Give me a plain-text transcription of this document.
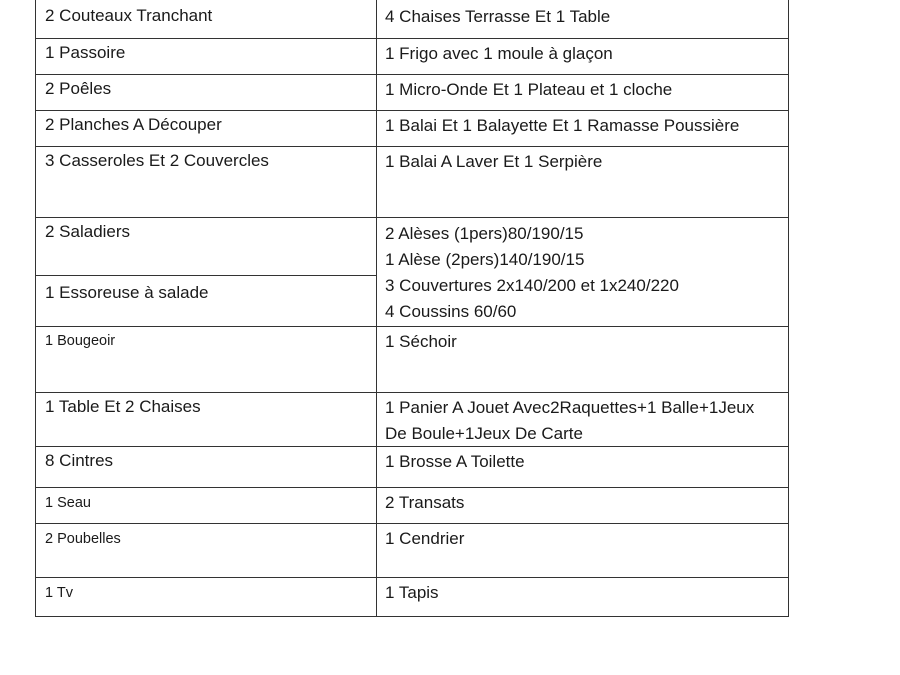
2 Couteaux Tranchant
1 Passoire
2 Poêles
2 Planches A Découper
3 Casseroles Et 2 Couvercles
2 Saladiers
1 Essoreuse à salade
1 Bougeoir
1 Table Et 2 Chaises
8 Cintres
1 Seau
2 Poubelles
1 Tv
4 Chaises Terrasse Et 1 Table
1 Frigo avec 1 moule à glaçon
1 Micro-Onde Et 1 Plateau et 1 cloche
1 Balai Et 1 Balayette Et 1 Ramasse Poussière
1 Balai A Laver Et 1 Serpière
2 Alèses (1pers)80/190/15
1 Alèse (2pers)140/190/15
3 Couvertures 2x140/200 et 1x240/220
4 Coussins 60/60
1 Séchoir
1 Panier A Jouet Avec2Raquettes+1 Balle+1Jeux
De Boule+1Jeux De Carte
1 Brosse A Toilette
2 Transats
1 Cendrier
1 Tapis
